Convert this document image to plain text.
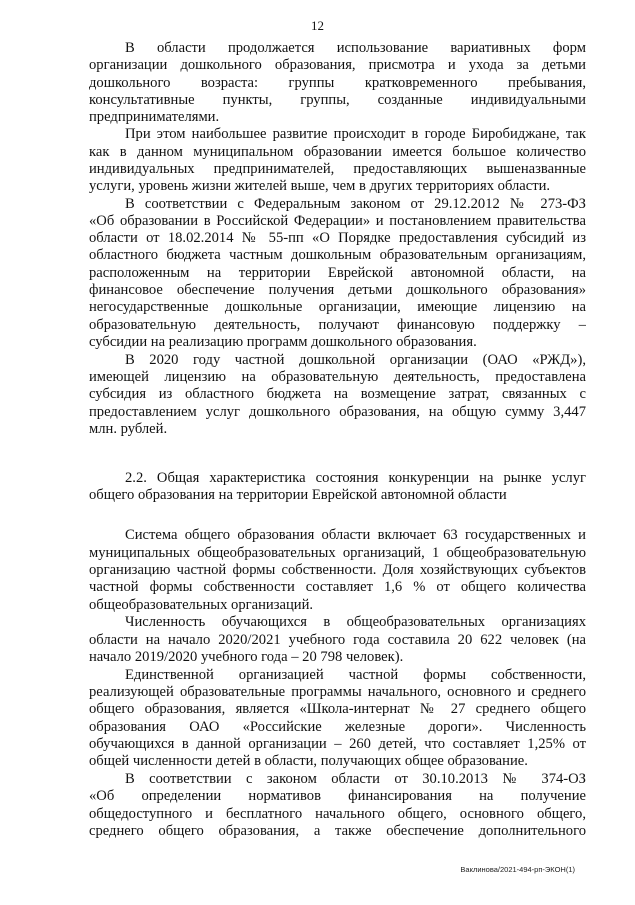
12
В области продолжается использование вариативных форм
организации дошкольного образования, присмотра и ухода за детьми
дошкольного возраста: группы кратковременного пребывания,
консультативные пункты, группы, созданные индивидуальными
предпринимателями.
При этом наибольшее развитие происходит в городе Биробиджане, так
как в данном муниципальном образовании имеется большое количество
индивидуальных предпринимателей, предоставляющих вышеназванные
услуги, уровень жизни жителей выше, чем в других территориях области.
В соответствии с Федеральным законом от 29.12.2012 № 273-ФЗ
«Об образовании в Российской Федерации» и постановлением правительства
области от 18.02.2014 № 55-пп «О Порядке предоставления субсидий из
областного бюджета частным дошкольным образовательным организациям,
расположенным на территории Еврейской автономной области, на
финансовое обеспечение получения детьми дошкольного образования»
негосударственные дошкольные организации, имеющие лицензию на
образовательную деятельность, получают финансовую поддержку –
субсидии на реализацию программ дошкольного образования.
В 2020 году частной дошкольной организации (ОАО «РЖД»),
имеющей лицензию на образовательную деятельность, предоставлена
субсидия из областного бюджета на возмещение затрат, связанных с
предоставлением услуг дошкольного образования, на общую сумму 3,447
млн. рублей.
2.2. Общая характеристика состояния конкуренции на рынке услуг
общего образования на территории Еврейской автономной области
Система общего образования области включает 63 государственных и
муниципальных общеобразовательных организаций, 1 общеобразовательную
организацию частной формы собственности. Доля хозяйствующих субъектов
частной формы собственности составляет 1,6 % от общего количества
общеобразовательных организаций.
Численность обучающихся в общеобразовательных организациях
области на начало 2020/2021 учебного года составила 20 622 человек (на
начало 2019/2020 учебного года – 20 798 человек).
Единственной организацией частной формы собственности,
реализующей образовательные программы начального, основного и среднего
общего образования, является «Школа-интернат № 27 среднего общего
образования ОАО «Российские железные дороги». Численность
обучающихся в данной организации – 260 детей, что составляет 1,25% от
общей численности детей в области, получающих общее образование.
В соответствии с законом области от 30.10.2013 № 374-ОЗ
«Об определении нормативов финансирования на получение
общедоступного и бесплатного начального общего, основного общего,
среднего общего образования, а также обеспечение дополнительного
Ваклинова/2021-494-рп-ЭКОН(1)
